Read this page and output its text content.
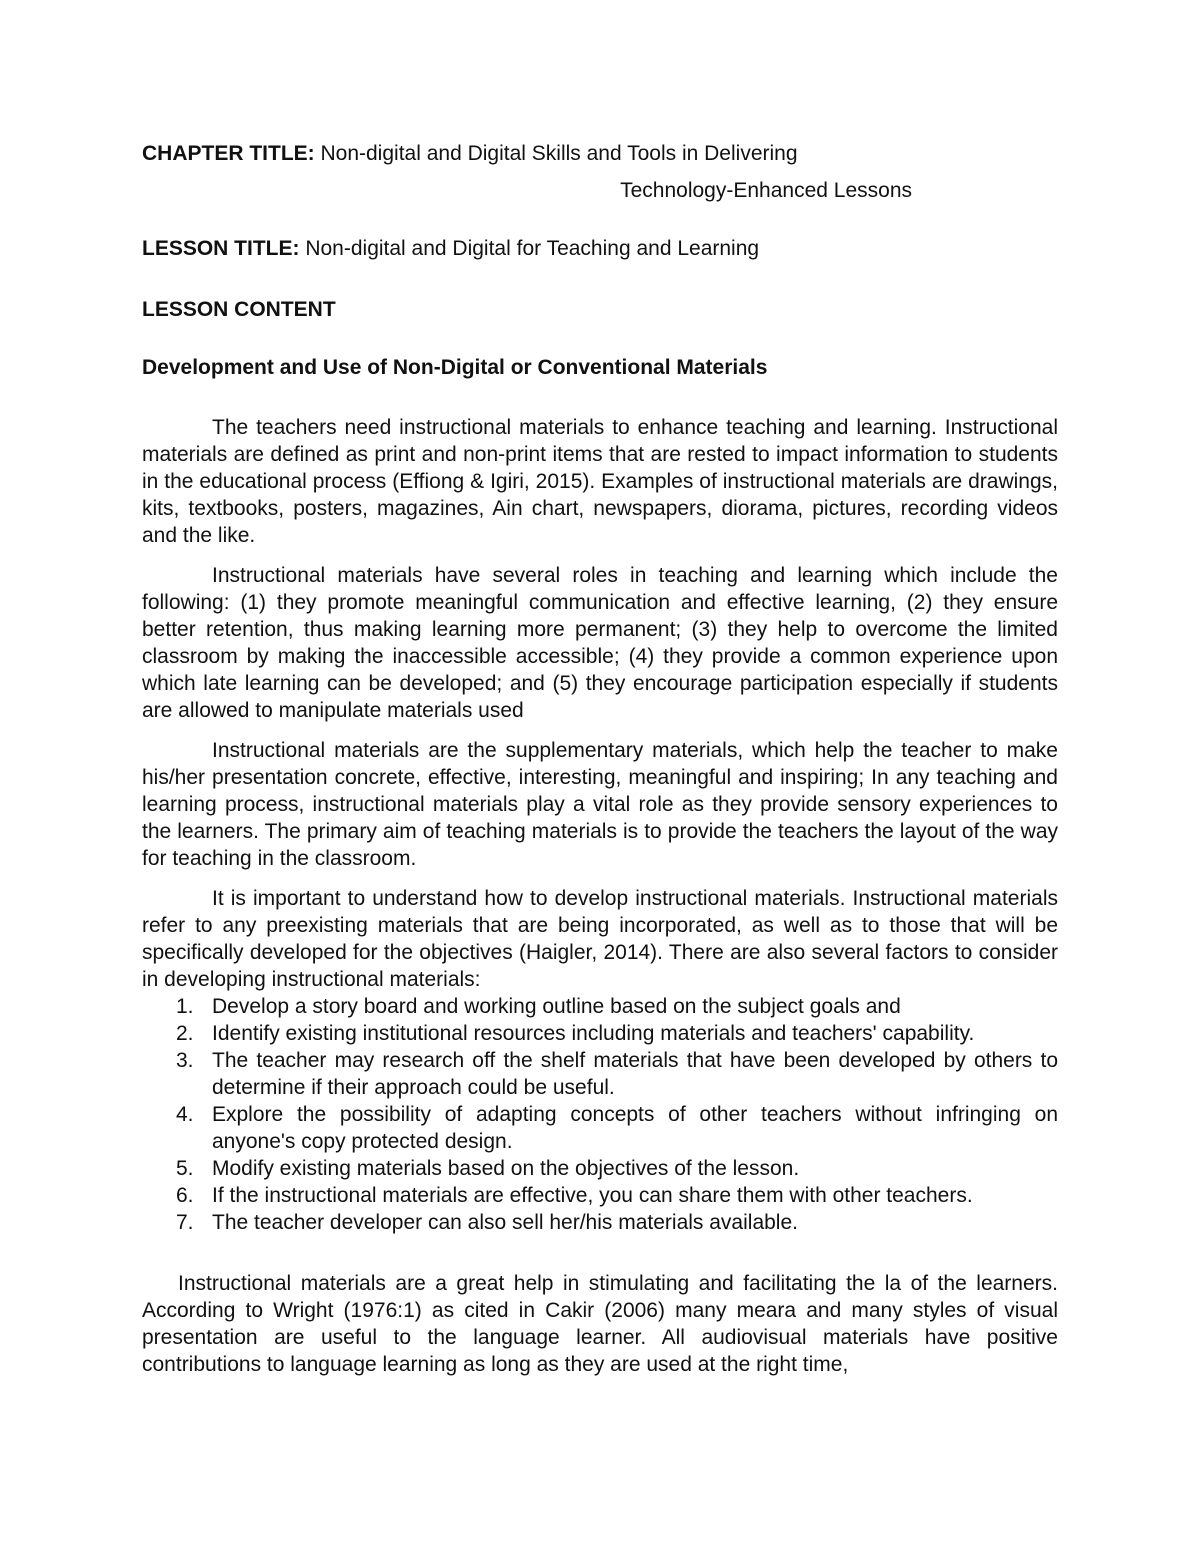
CHAPTER TITLE: Non-digital and Digital Skills and Tools in Delivering

Technology-Enhanced Lessons

LESSON TITLE: Non-digital and Digital for Teaching and Learning

LESSON CONTENT

Development and Use of Non-Digital or Conventional Materials

The teachers need instructional materials to enhance teaching and learning. Instructional materials are defined as print and non-print items that are rested to impact information to students in the educational process (Effiong & Igiri, 2015). Examples of instructional materials are drawings, kits, textbooks, posters, magazines, Ain chart, newspapers, diorama, pictures, recording videos and the like.

Instructional materials have several roles in teaching and learning which include the following: (1) they promote meaningful communication and effective learning, (2) they ensure better retention, thus making learning more permanent; (3) they help to overcome the limited classroom by making the inaccessible accessible; (4) they provide a common experience upon which late learning can be developed; and (5) they encourage participation especially if students are allowed to manipulate materials used

Instructional materials are the supplementary materials, which help the teacher to make his/her presentation concrete, effective, interesting, meaningful and inspiring; In any teaching and learning process, instructional materials play a vital role as they provide sensory experiences to the learners. The primary aim of teaching materials is to provide the teachers the layout of the way for teaching in the classroom.

It is important to understand how to develop instructional materials. Instructional materials refer to any preexisting materials that are being incorporated, as well as to those that will be specifically developed for the objectives (Haigler, 2014). There are also several factors to consider in developing instructional materials:

1. Develop a story board and working outline based on the subject goals and
2. Identify existing institutional resources including materials and teachers' capability.
3. The teacher may research off the shelf materials that have been developed by others to determine if their approach could be useful.
4. Explore the possibility of adapting concepts of other teachers without infringing on anyone's copy protected design.
5. Modify existing materials based on the objectives of the lesson.
6. If the instructional materials are effective, you can share them with other teachers.
7. The teacher developer can also sell her/his materials available.

Instructional materials are a great help in stimulating and facilitating the la of the learners. According to Wright (1976:1) as cited in Cakir (2006) many meara and many styles of visual presentation are useful to the language learner. All audiovisual materials have positive contributions to language learning as long as they are used at the right time,
